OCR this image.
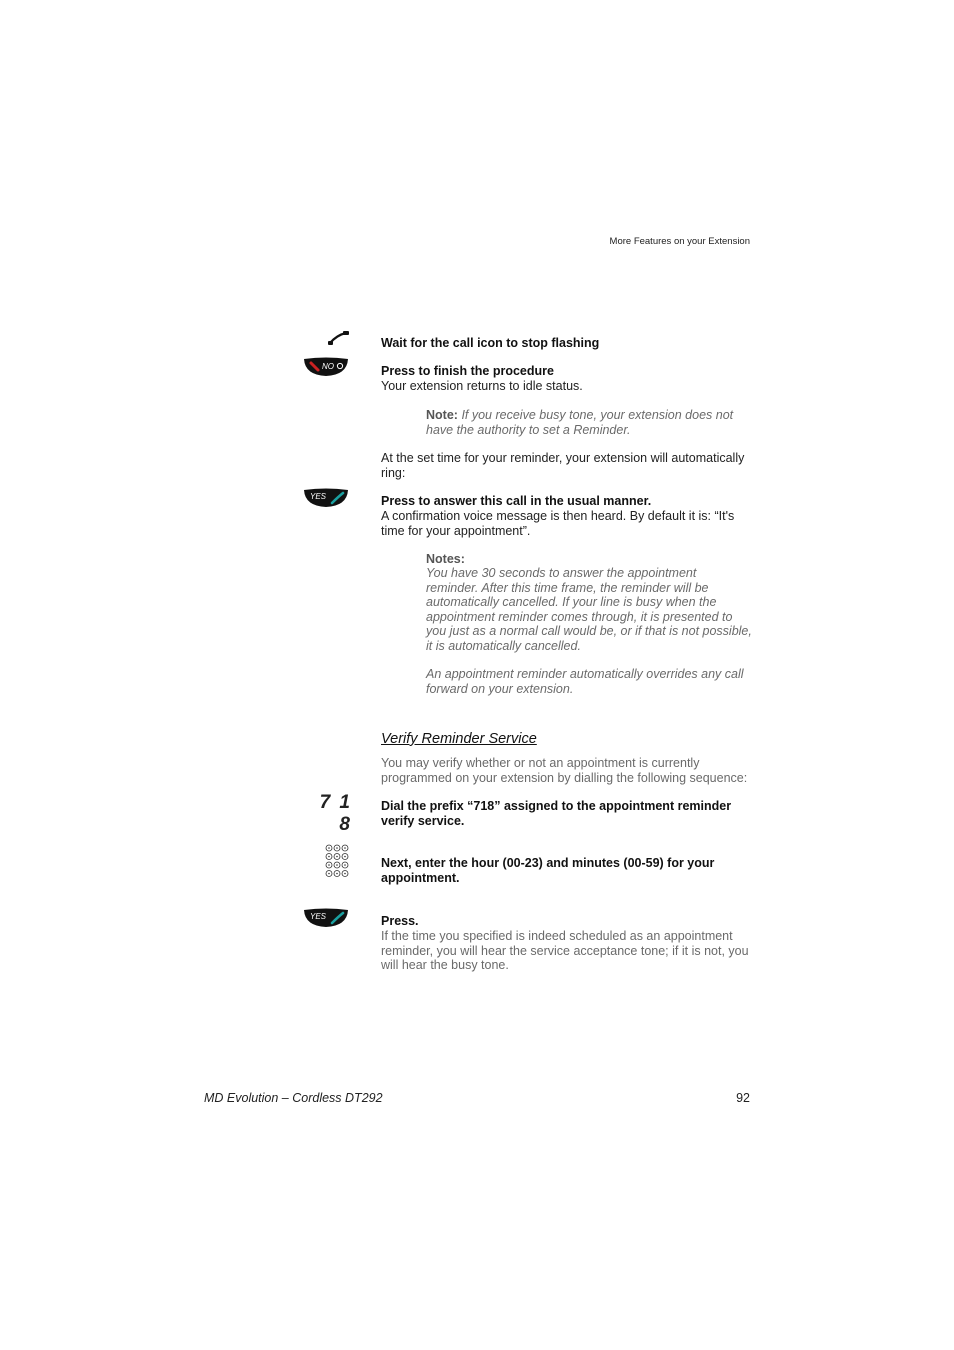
More Features on your Extension
Wait for the call icon to stop flashing
NO	Press to finish the procedure
Your extension returns to idle status.
Note: If you receive busy tone, your extension does not have the authority to set a Reminder.
At the set time for your reminder, your extension will automatically ring:
YES	Press to answer this call in the usual manner.
A confirmation voice message is then heard. By default it is: “It's time for your appointment”.
Notes:
You have 30 seconds to answer the appointment reminder. After this time frame, the reminder will be automatically cancelled. If your line is busy when the appointment reminder comes through, it is presented to you just as a normal call would be, or if that is not possible, it is automatically cancelled.
An appointment reminder automatically overrides any call forward on your extension.
Verify Reminder Service
You may verify whether or not an appointment is currently programmed on your extension by dialling the following sequence:
7 1 8
Dial the prefix “718” assigned to the appointment reminder verify service.
Next, enter the hour (00-23) and minutes (00-59) for your appointment.
YES	Press.
If the time you specified is indeed scheduled as an appointment reminder, you will hear the service acceptance tone; if it is not, you will hear the busy tone.
MD Evolution – Cordless DT292	92
